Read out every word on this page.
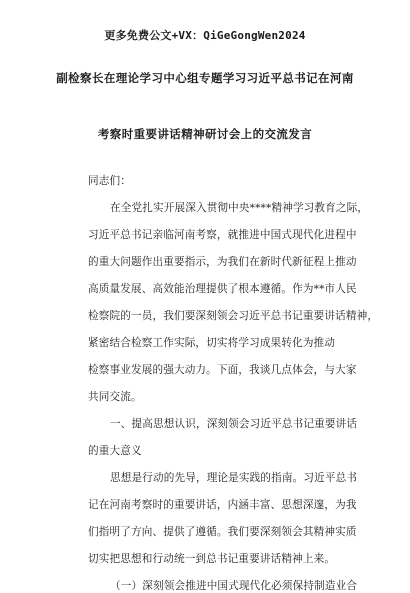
更多免费公文+VX：QiGeGongWen2024
副检察长在理论学习中心组专题学习习近平总书记在河南
考察时重要讲话精神研讨会上的交流发言
同志们：
在全党扎实开展深入贯彻中央****精神学习教育之际，
习近平总书记亲临河南考察，就推进中国式现代化进程中
的重大问题作出重要指示，为我们在新时代新征程上推动
高质量发展、高效能治理提供了根本遵循。作为**市人民
检察院的一员，我们要深刻领会习近平总书记重要讲话精神，
紧密结合检察工作实际，切实将学习成果转化为推动
检察事业发展的强大动力。下面，我谈几点体会，与大家
共同交流。
一、提高思想认识，深刻领会习近平总书记重要讲话
的重大意义
思想是行动的先导，理论是实践的指南。习近平总书
记在河南考察时的重要讲话，内涵丰富、思想深邃，为我
们指明了方向、提供了遵循。我们要深刻领会其精神实质
切实把思想和行动统一到总书记重要讲话精神上来。
（一）深刻领会推进中国式现代化必须保持制造业合
